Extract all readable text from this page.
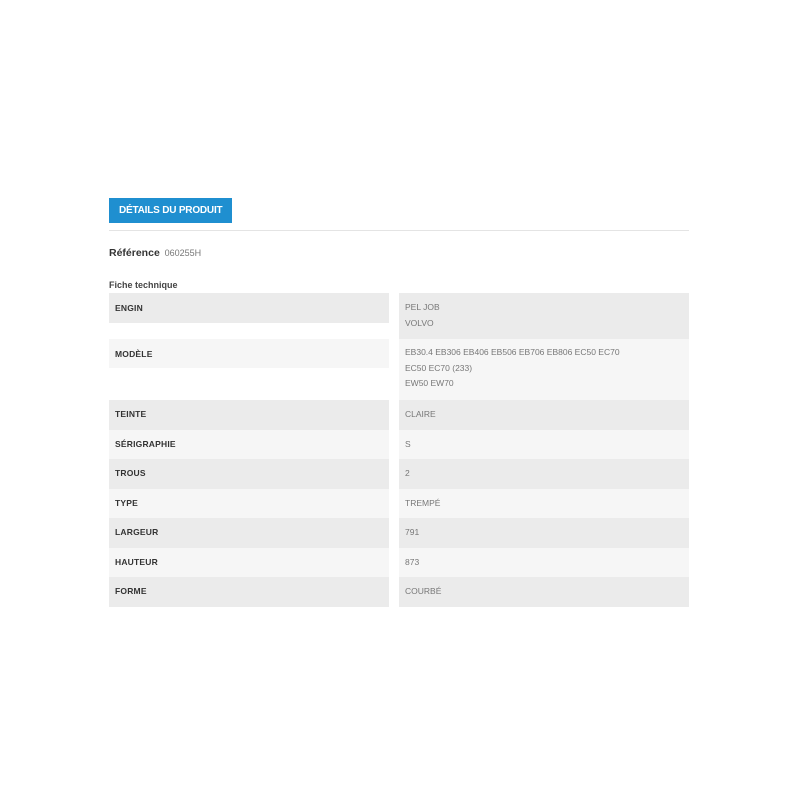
DÉTAILS DU PRODUIT
Référence 060255H
Fiche technique
ENGIN	PEL JOB
VOLVO
MODÈLE	EB30.4 EB306 EB406 EB506 EB706 EB806 EC50 EC70
EC50 EC70 (233)
EW50 EW70
TEINTE	CLAIRE
SÉRIGRAPHIE	S
TROUS	2
TYPE	TREMPÉ
LARGEUR	791
HAUTEUR	873
FORME	COURBÉ
